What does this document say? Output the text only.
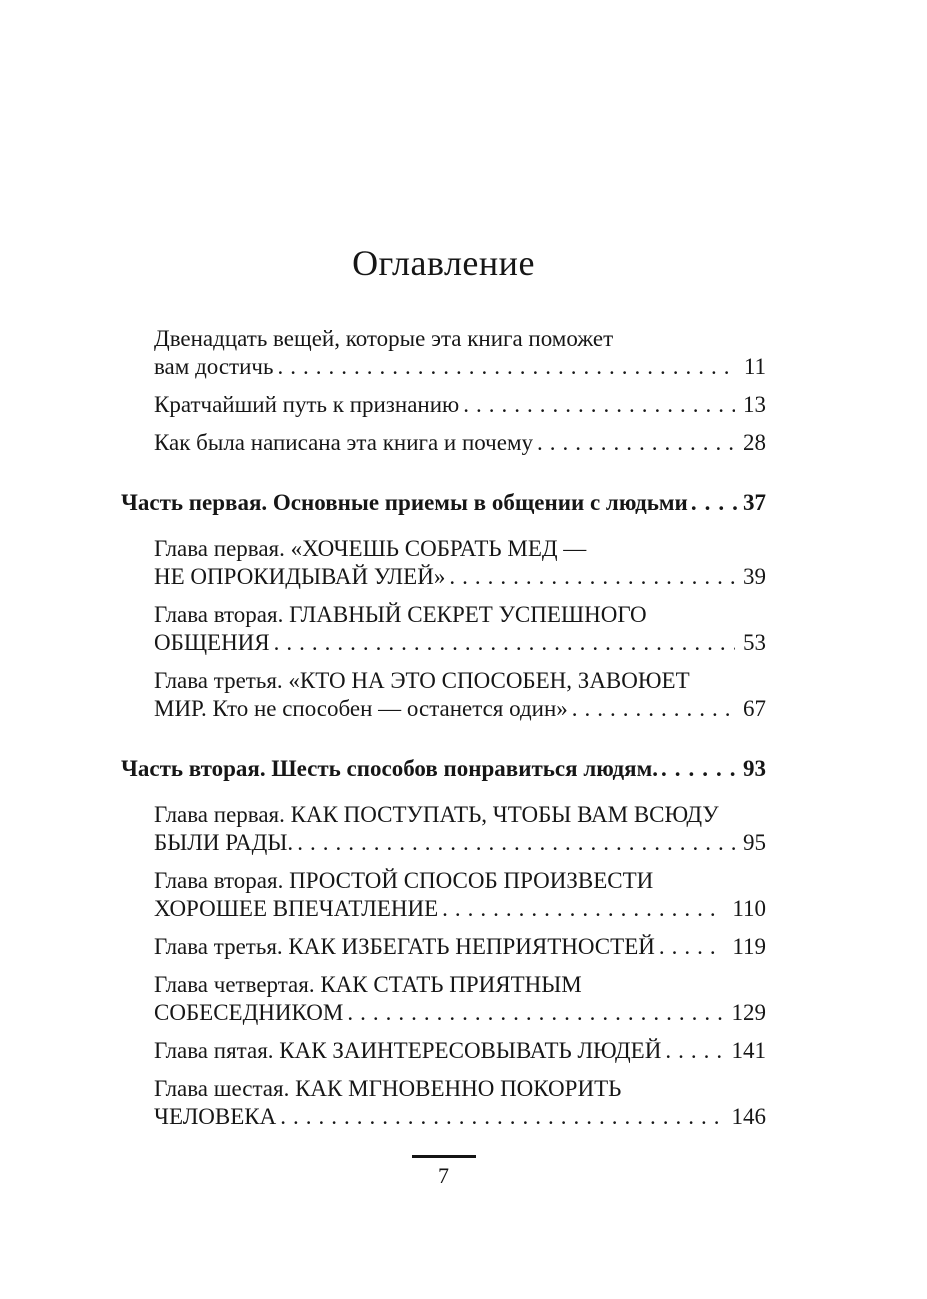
Оглавление
Двенадцать вещей, которые эта книга поможет
вам достичь .....	11
Кратчайший путь к признанию .....	13
Как была написана эта книга и почему .....	28
Часть первая. Основные приемы в общении с людьми ..... 37
Глава первая. «ХОЧЕШЬ СОБРАТЬ МЕД —
НЕ ОПРОКИДЫВАЙ УЛЕЙ» .....	39
Глава вторая. ГЛАВНЫЙ СЕКРЕТ УСПЕШНОГО
ОБЩЕНИЯ .....	53
Глава третья. «КТО НА ЭТО СПОСОБЕН, ЗАВОЮЕТ
МИР. Кто не способен — останется один» .....	67
Часть вторая. Шесть способов понравиться людям. .....	93
Глава первая. КАК ПОСТУПАТЬ, ЧТОБЫ ВАМ ВСЮДУ
БЫЛИ РАДЫ. .....	95
Глава вторая. ПРОСТОЙ СПОСОБ ПРОИЗВЕСТИ
ХОРОШЕЕ ВПЕЧАТЛЕНИЕ .....	110
Глава третья. КАК ИЗБЕГАТЬ НЕПРИЯТНОСТЕЙ .....	119
Глава четвертая. КАК СТАТЬ ПРИЯТНЫМ
СОБЕСЕДНИКОМ .....	129
Глава пятая. КАК ЗАИНТЕРЕСОВЫВАТЬ ЛЮДЕЙ .....	141
Глава шестая. КАК МГНОВЕННО ПОКОРИТЬ
ЧЕЛОВЕКА .....	146
7
